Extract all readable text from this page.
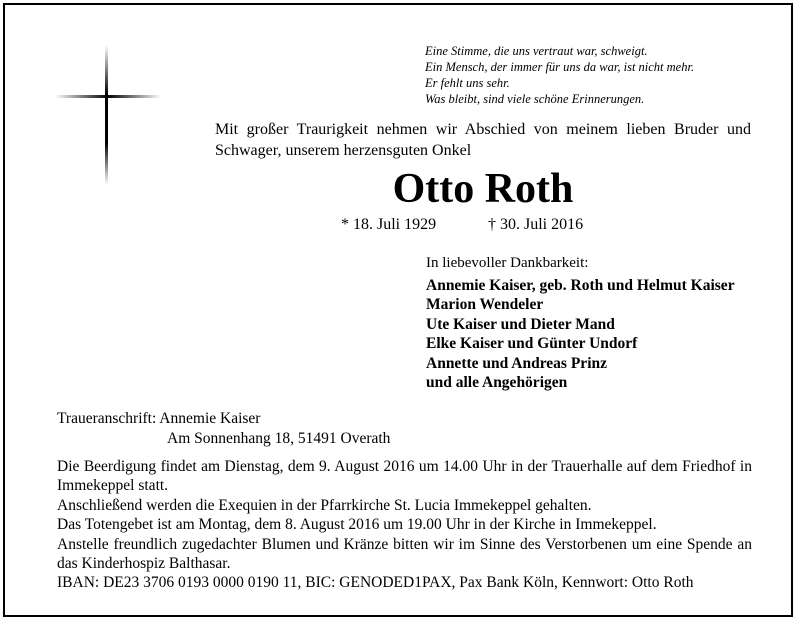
Eine Stimme, die uns vertraut war, schweigt.
Ein Mensch, der immer für uns da war, ist nicht mehr.
Er fehlt uns sehr.
Was bleibt, sind viele schöne Erinnerungen.
Mit großer Traurigkeit nehmen wir Abschied von meinem lieben Bruder und
Schwager, unserem herzensguten Onkel
Otto Roth
* 18. Juli 1929	† 30. Juli 2016
In liebevoller Dankbarkeit:
Annemie Kaiser, geb. Roth und Helmut Kaiser
Marion Wendeler
Ute Kaiser und Dieter Mand
Elke Kaiser und Günter Undorf
Annette und Andreas Prinz
und alle Angehörigen
Traueranschrift: Annemie Kaiser
Am Sonnenhang 18, 51491 Overath
Die Beerdigung findet am Dienstag, dem 9. August 2016 um 14.00 Uhr in der Trauerhalle auf dem Friedhof in Immekeppel statt.
Anschließend werden die Exequien in der Pfarrkirche St. Lucia Immekeppel gehalten.
Das Totengebet ist am Montag, dem 8. August 2016 um 19.00 Uhr in der Kirche in Immekeppel.
Anstelle freundlich zugedachter Blumen und Kränze bitten wir im Sinne des Verstorbenen um eine Spende an das Kinderhospiz Balthasar.
IBAN: DE23 3706 0193 0000 0190 11, BIC: GENODED1PAX, Pax Bank Köln, Kennwort: Otto Roth
